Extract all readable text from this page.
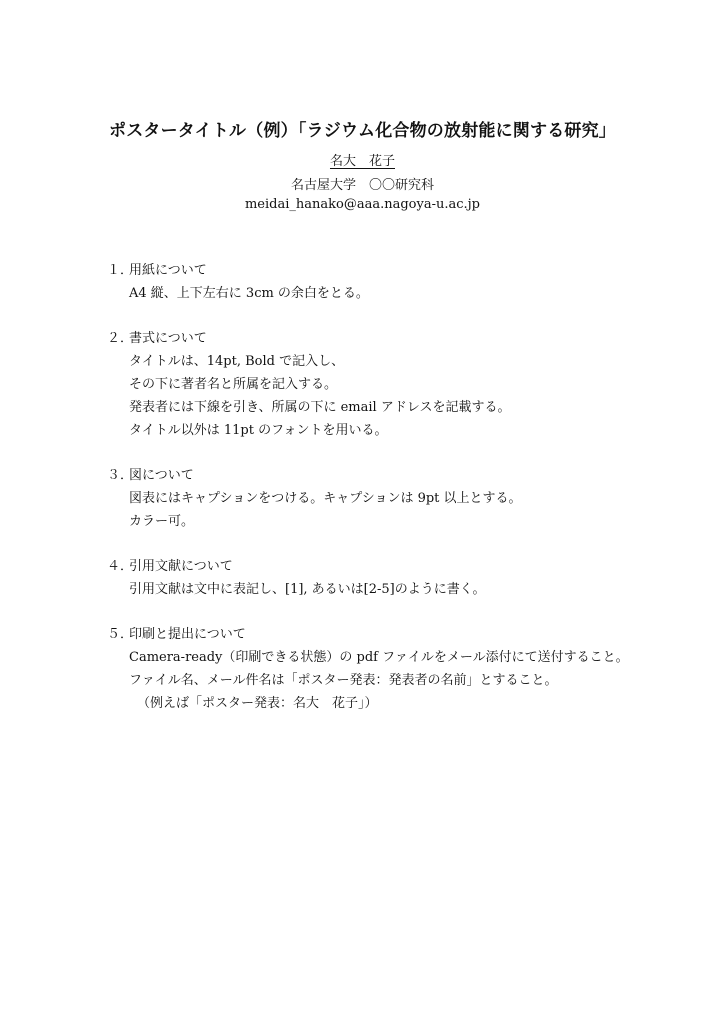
ポスタータイトル（例）「ラジウム化合物の放射能に関する研究」
名大　花子
名古屋大学　〇〇研究科
meidai_hanako@aaa.nagoya-u.ac.jp
１．用紙について
A4 縦、上下左右に 3cm の余白をとる。
２．書式について
タイトルは、14pt, Bold で記入し、
その下に著者名と所属を記入する。
発表者には下線を引き、所属の下に email アドレスを記載する。
タイトル以外は 11pt のフォントを用いる。
３．図について
図表にはキャプションをつける。キャプションは 9pt 以上とする。
カラー可。
４．引用文献について
引用文献は文中に表記し、[1], あるいは[2-5]のように書く。
５．印刷と提出について
Camera-ready（印刷できる状態）の pdf ファイルをメール添付にて送付すること。
ファイル名、メール件名は「ポスター発表：発表者の名前」とすること。
（例えば「ポスター発表：名大　花子」）
